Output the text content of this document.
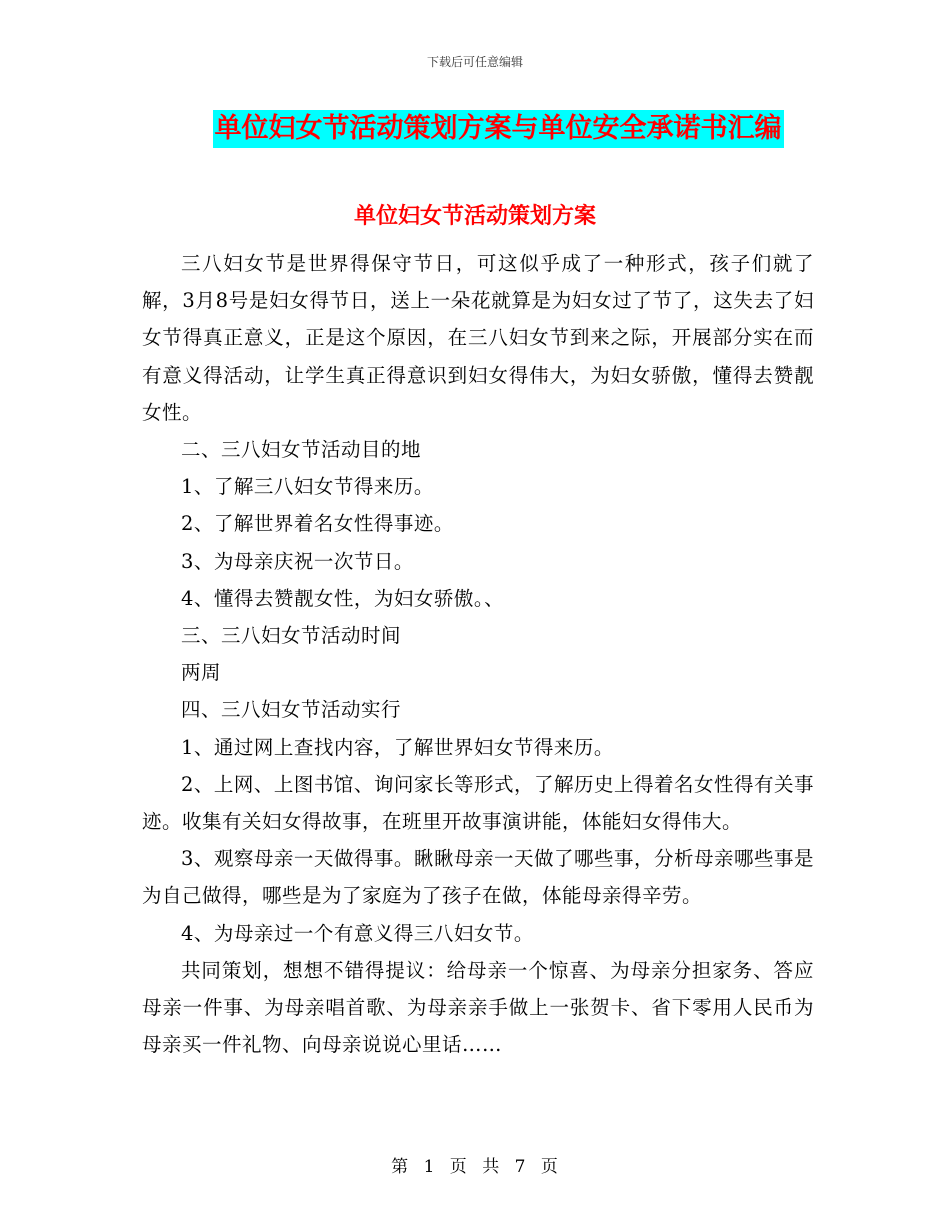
下载后可任意编辑
单位妇女节活动策划方案与单位安全承诺书汇编
单位妇女节活动策划方案

三八妇女节是世界得保守节日，可这似乎成了一种形式，孩子们就了解，3月8号是妇女得节日，送上一朵花就算是为妇女过了节了，这失去了妇女节得真正意义，正是这个原因，在三八妇女节到来之际，开展部分实在而有意义得活动，让学生真正得意识到妇女得伟大，为妇女骄傲，懂得去赞靓女性。

二、三八妇女节活动目的地

1、了解三八妇女节得来历。

2、了解世界着名女性得事迹。

3、为母亲庆祝一次节日。

4、懂得去赞靓女性，为妇女骄傲。、

三、三八妇女节活动时间

两周

四、三八妇女节活动实行

1、通过网上查找内容，了解世界妇女节得来历。

2、上网、上图书馆、询问家长等形式，了解历史上得着名女性得有关事迹。收集有关妇女得故事，在班里开故事演讲能，体能妇女得伟大。

3、观察母亲一天做得事。瞅瞅母亲一天做了哪些事，分析母亲哪些事是为自己做得，哪些是为了家庭为了孩子在做，体能母亲得辛劳。

4、为母亲过一个有意义得三八妇女节。

共同策划，想想不错得提议：给母亲一个惊喜、为母亲分担家务、答应母亲一件事、为母亲唱首歌、为母亲亲手做上一张贺卡、省下零用人民币为母亲买一件礼物、向母亲说说心里话……

第 1 页 共 7 页
